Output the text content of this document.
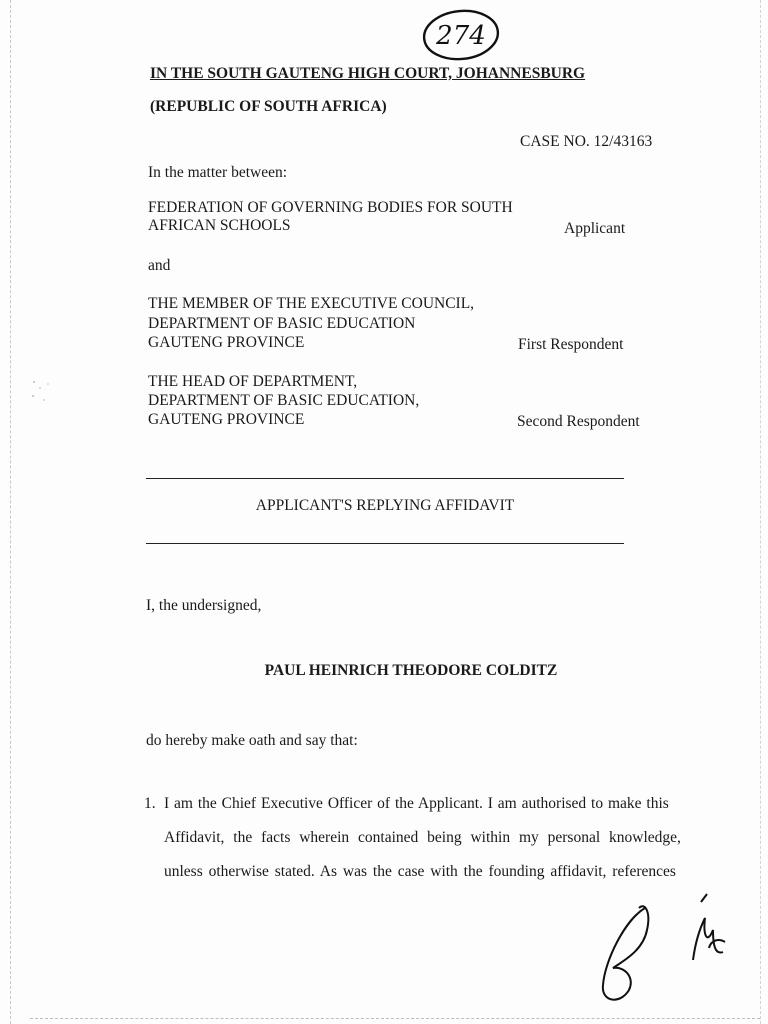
274
IN THE SOUTH GAUTENG HIGH COURT, JOHANNESBURG
(REPUBLIC OF SOUTH AFRICA)
CASE NO. 12/43163
In the matter between:
FEDERATION OF GOVERNING BODIES FOR SOUTH
AFRICAN SCHOOLS	Applicant
and
THE MEMBER OF THE EXECUTIVE COUNCIL,
DEPARTMENT OF BASIC EDUCATION
GAUTENG PROVINCE	First Respondent
THE HEAD OF DEPARTMENT,
DEPARTMENT OF BASIC EDUCATION,
GAUTENG PROVINCE	Second Respondent
APPLICANT'S REPLYING AFFIDAVIT
I, the undersigned,
PAUL HEINRICH THEODORE COLDITZ
do hereby make oath and say that:
1. I am the Chief Executive Officer of the Applicant. I am authorised to make this
Affidavit, the facts wherein contained being within my personal knowledge,
unless otherwise stated. As was the case with the founding affidavit, references
